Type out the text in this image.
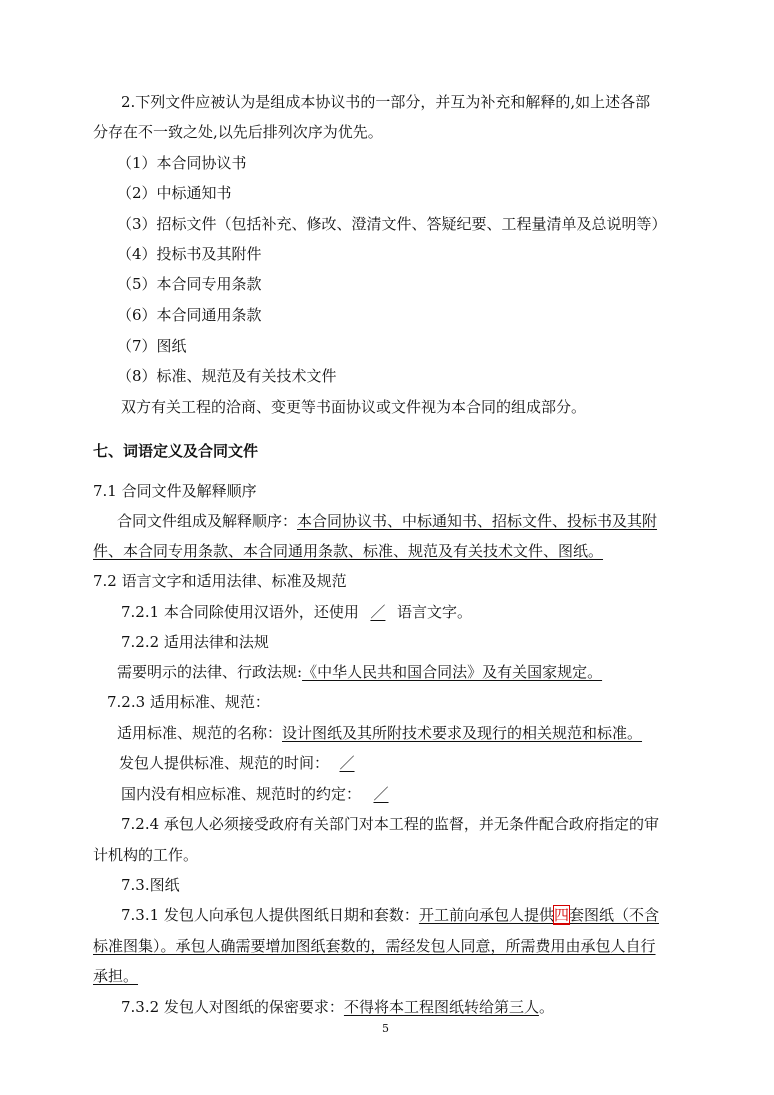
2.下列文件应被认为是组成本协议书的一部分，并互为补充和解释的,如上述各部
分存在不一致之处,以先后排列次序为优先。
（1）本合同协议书
（2）中标通知书
（3）招标文件（包括补充、修改、澄清文件、答疑纪要、工程量清单及总说明等）
（4）投标书及其附件
（5）本合同专用条款
（6）本合同通用条款
（7）图纸
（8）标准、规范及有关技术文件
双方有关工程的洽商、变更等书面协议或文件视为本合同的组成部分。
七、词语定义及合同文件
7.1 合同文件及解释顺序
合同文件组成及解释顺序：本合同协议书、中标通知书、招标文件、投标书及其附
件、本合同专用条款、本合同通用条款、标准、规范及有关技术文件、图纸。
7.2 语言文字和适用法律、标准及规范
7.2.1 本合同除使用汉语外，还使用 ／ 语言文字。
7.2.2 适用法律和法规
需要明示的法律、行政法规:《中华人民共和国合同法》及有关国家规定。
7.2.3 适用标准、规范：
适用标准、规范的名称：设计图纸及其所附技术要求及现行的相关规范和标准。
发包人提供标准、规范的时间： ／
国内没有相应标准、规范时的约定： ／
7.2.4 承包人必须接受政府有关部门对本工程的监督，并无条件配合政府指定的审
计机构的工作。
7.3.图纸
7.3.1 发包人向承包人提供图纸日期和套数：开工前向承包人提供四套图纸（不含
标准图集）。承包人确需要增加图纸套数的，需经发包人同意，所需费用由承包人自行
承担。
7.3.2 发包人对图纸的保密要求：不得将本工程图纸转给第三人。
5
